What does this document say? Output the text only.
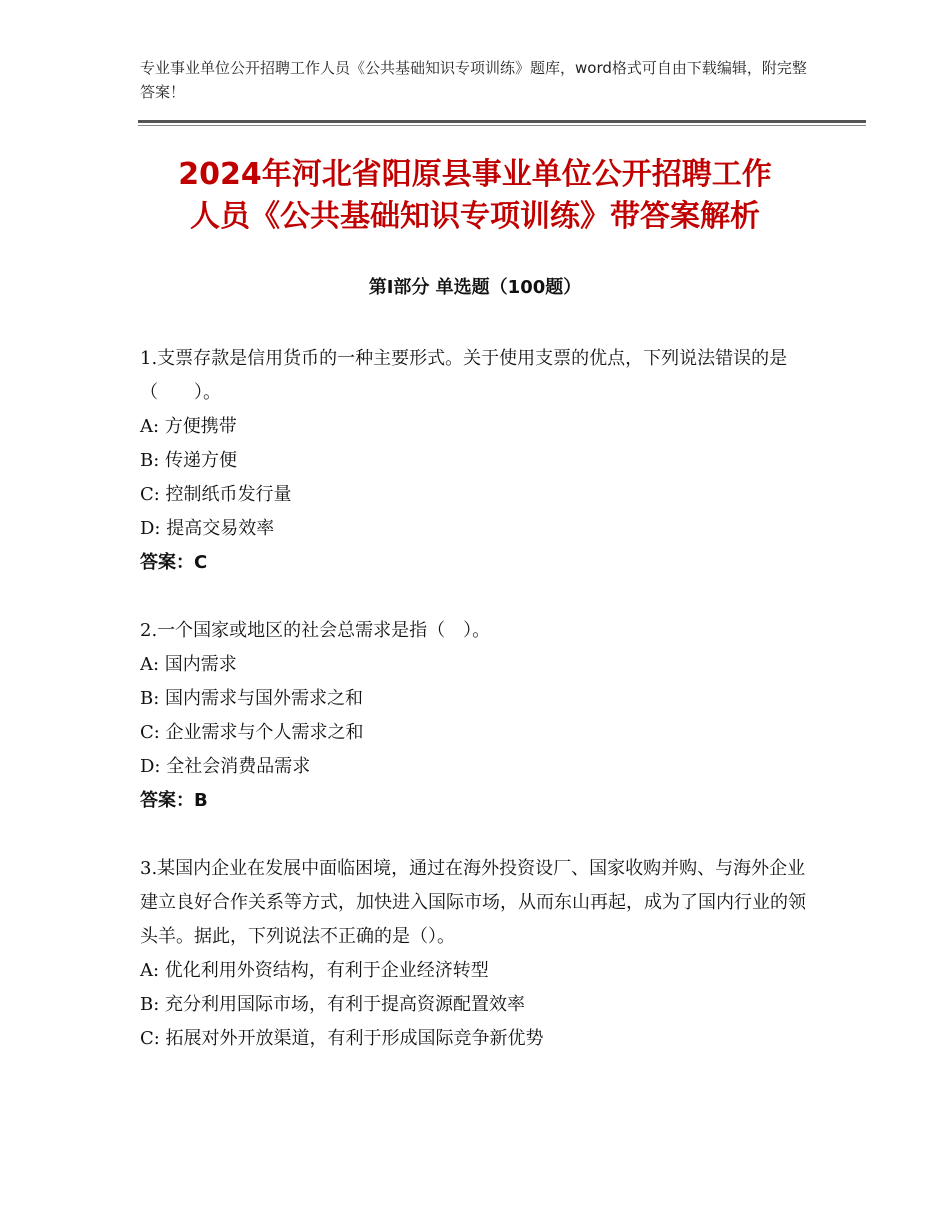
专业事业单位公开招聘工作人员《公共基础知识专项训练》题库，word格式可自由下载编辑，附完整答案！
2024年河北省阳原县事业单位公开招聘工作
人员《公共基础知识专项训练》带答案解析
第Ⅰ部分 单选题（100题）

1.支票存款是信用货币的一种主要形式。关于使用支票的优点，下列说法错误的是（　　）。

A: 方便携带

B: 传递方便

C: 控制纸币发行量

D: 提高交易效率

答案：C

2.一个国家或地区的社会总需求是指（　）。

A: 国内需求

B: 国内需求与国外需求之和

C: 企业需求与个人需求之和

D: 全社会消费品需求

答案：B

3.某国内企业在发展中面临困境，通过在海外投资设厂、国家收购并购、与海外企业建立良好合作关系等方式，加快进入国际市场，从而东山再起，成为了国内行业的领头羊。据此，下列说法不正确的是（）。

A: 优化利用外资结构，有利于企业经济转型

B: 充分利用国际市场，有利于提高资源配置效率

C: 拓展对外开放渠道，有利于形成国际竞争新优势
